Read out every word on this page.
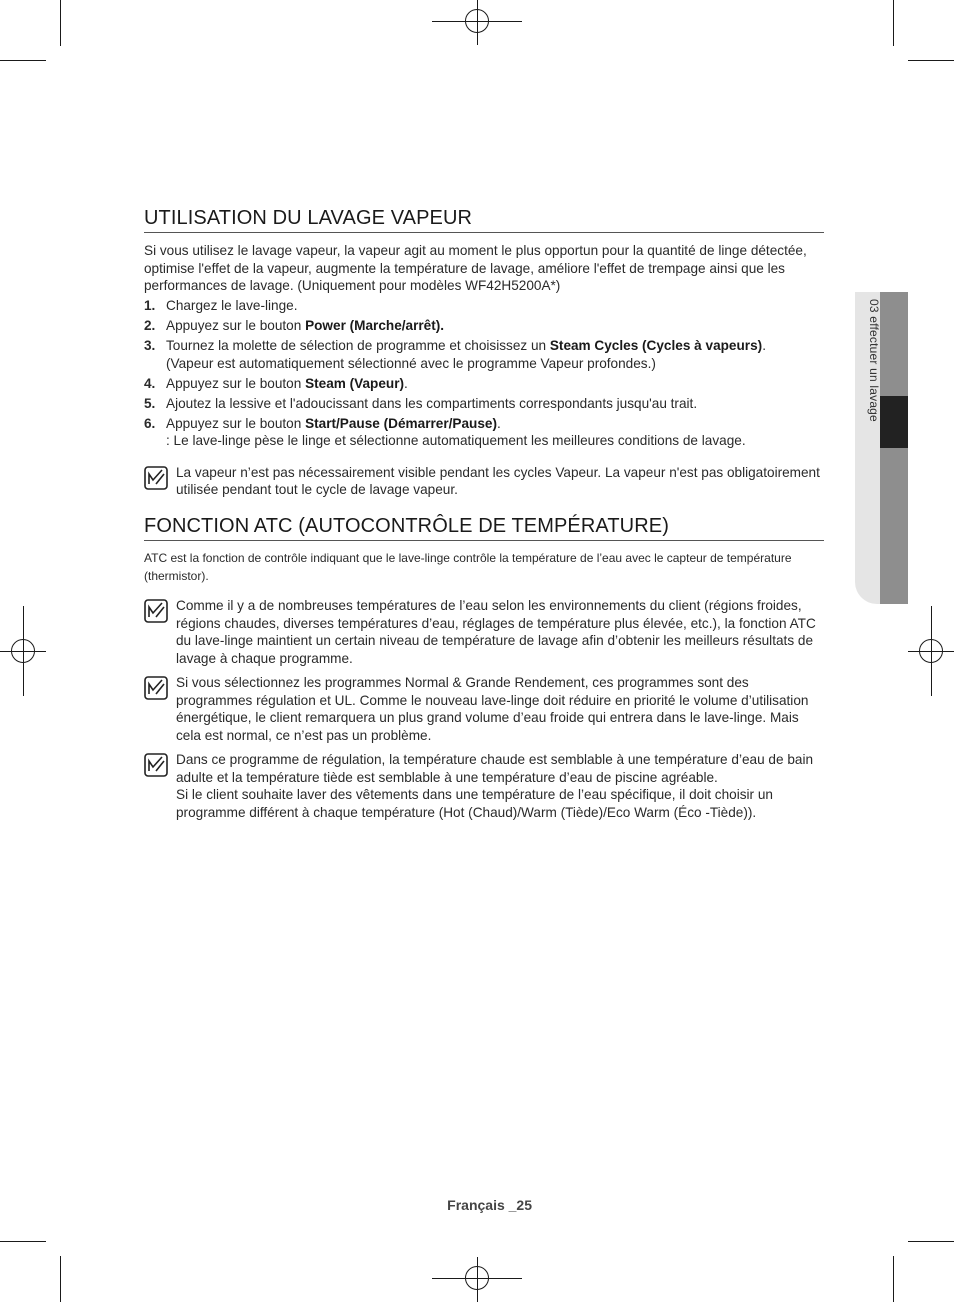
03 effectuer un lavage
UTILISATION DU LAVAGE VAPEUR

Si vous utilisez le lavage vapeur, la vapeur agit au moment le plus opportun pour la quantité de linge détectée, optimise l'effet de la vapeur, augmente la température de lavage, améliore l'effet de trempage ainsi que les performances de lavage. (Uniquement pour modèles WF42H5200A*)

1. Chargez le lave-linge.
2. Appuyez sur le bouton Power (Marche/arrêt).
3. Tournez la molette de sélection de programme et choisissez un Steam Cycles (Cycles à vapeurs).
(Vapeur est automatiquement sélectionné avec le programme Vapeur profondes.)
4. Appuyez sur le bouton Steam (Vapeur).
5. Ajoutez la lessive et l'adoucissant dans les compartiments correspondants jusqu'au trait.
6. Appuyez sur le bouton Start/Pause (Démarrer/Pause).
: Le lave-linge pèse le linge et sélectionne automatiquement les meilleures conditions de lavage.
La vapeur n’est pas nécessairement visible pendant les cycles Vapeur. La vapeur n'est pas obligatoirement utilisée pendant tout le cycle de lavage vapeur.
FONCTION ATC (AUTOCONTRÔLE DE TEMPÉRATURE)

ATC est la fonction de contrôle indiquant que le lave-linge contrôle la température de l’eau avec le capteur de température (thermistor).

Comme il y a de nombreuses températures de l’eau selon les environnements du client (régions froides, régions chaudes, diverses températures d’eau, réglages de température plus élevée, etc.), la fonction ATC du lave-linge maintient un certain niveau de température de lavage afin d’obtenir les meilleurs résultats de lavage à chaque programme.
Si vous sélectionnez les programmes Normal & Grande Rendement, ces programmes sont des programmes régulation et UL. Comme le nouveau lave-linge doit réduire en priorité le volume d’utilisation énergétique, le client remarquera un plus grand volume d’eau froide qui entrera dans le lave-linge. Mais cela est normal, ce n’est pas un problème.
Dans ce programme de régulation, la température chaude est semblable à une température d’eau de bain adulte et la température tiède est semblable à une température d’eau de piscine agréable.
Si le client souhaite laver des vêtements dans une température de l’eau spécifique, il doit choisir un programme différent à chaque température (Hot (Chaud)/Warm (Tiède)/Eco Warm (Éco -Tiède)).
Français _25
